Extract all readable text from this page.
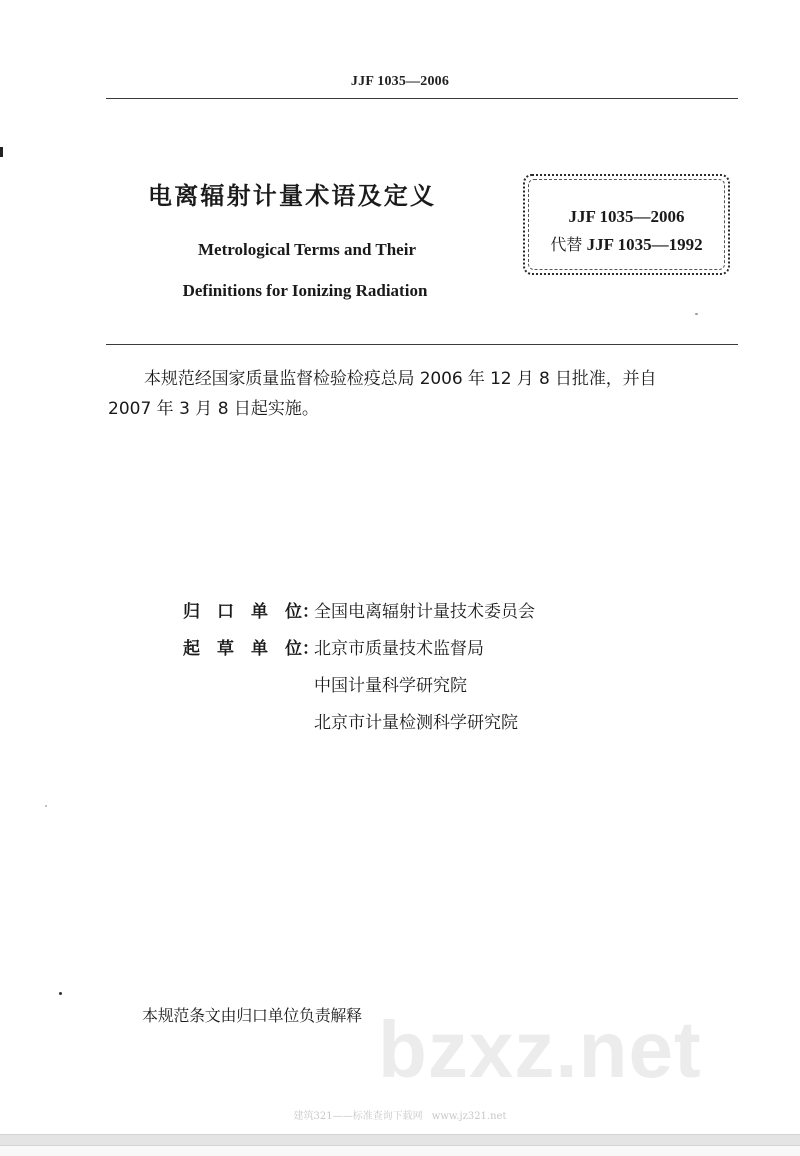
JJF 1035—2006
电离辐射计量术语及定义
Metrological Terms and Their
Definitions for Ionizing Radiation
JJF 1035—2006
代替 JJF 1035—1992
本规范经国家质量监督检验检疫总局 2006 年 12 月 8 日批准，并自
2007 年 3 月 8 日起实施。
归 口 单 位：
全国电离辐射计量技术委员会
起 草 单 位：
北京市质量技术监督局
中国计量科学研究院
北京市计量检测科学研究院
本规范条文由归口单位负责解释 bzxz.net
建筑321——标准查询下载网 www.jz321.net
